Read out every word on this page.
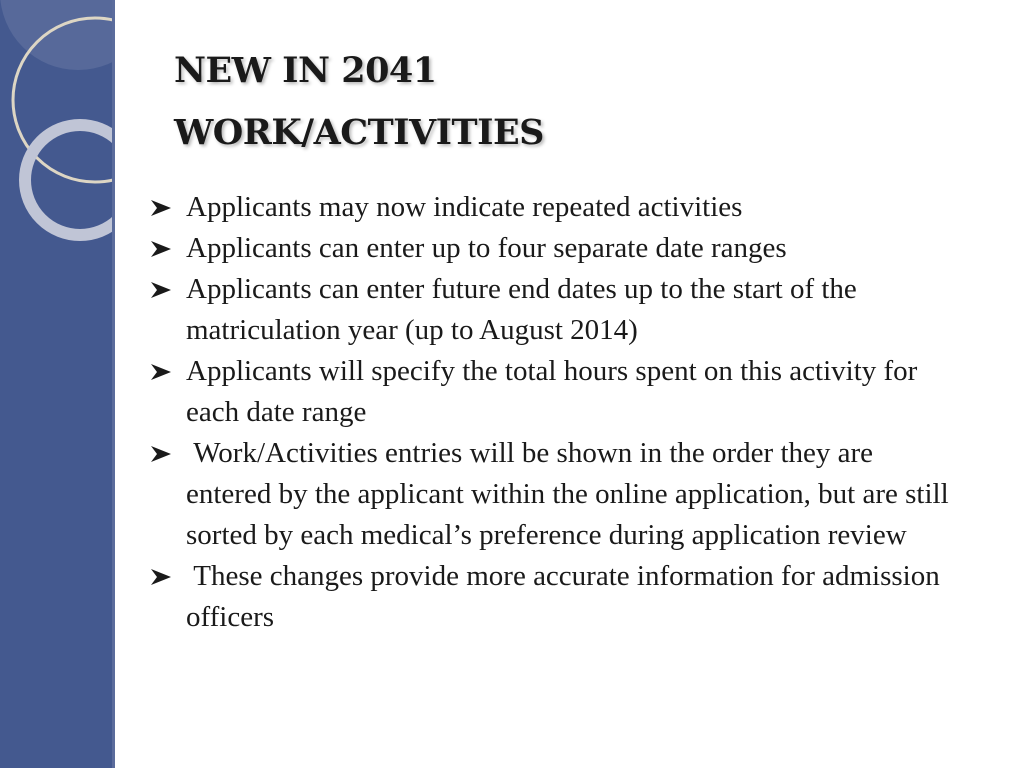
NEW IN 2041
WORK/ACTIVITIES
Applicants may now indicate repeated activities
Applicants can enter up to four separate date ranges
Applicants can enter future end dates up to the start of the matriculation year (up to August 2014)
Applicants will specify the total hours spent on this activity for each date range
Work/Activities entries will be shown in the order they are entered by the applicant within the online application, but are still sorted by each medical’s preference during application review
These changes provide more accurate information for admission officers
